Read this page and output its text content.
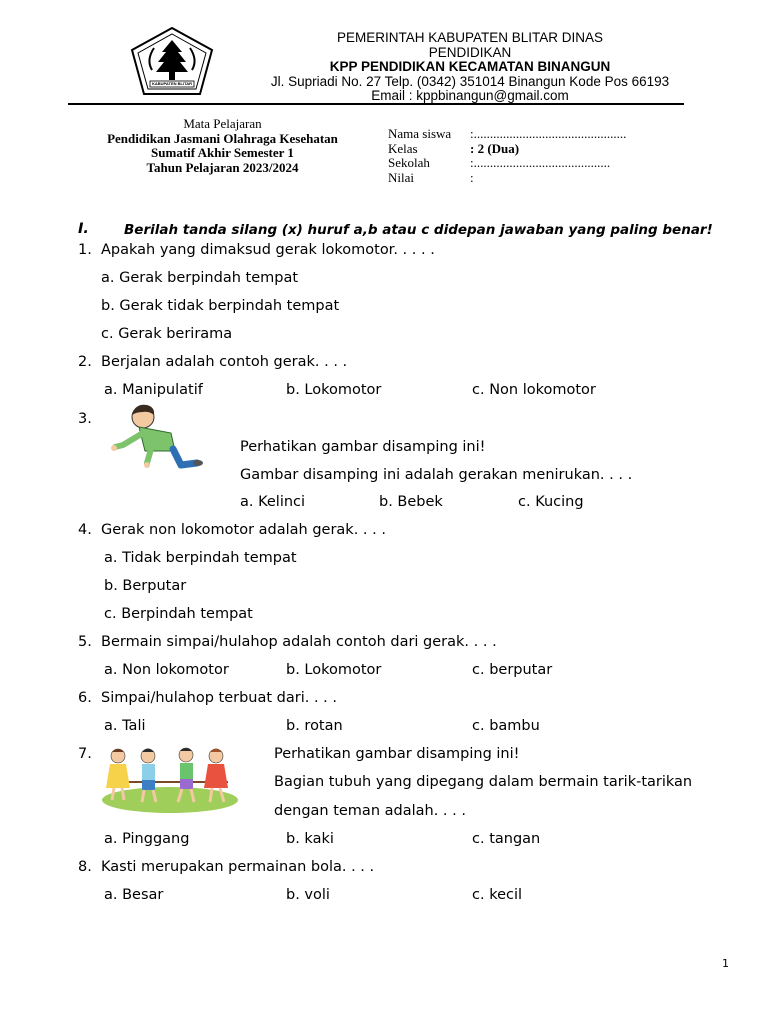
KABUPATEN BLITAR
PEMERINTAH KABUPATEN BLITAR DINAS
PENDIDIKAN
KPP PENDIDIKAN KECAMATAN BINANGUN
Jl. Supriadi No. 27 Telp. (0342) 351014 Binangun Kode Pos 66193
Email : kppbinangun@gmail.com
Mata Pelajaran
Pendidikan Jasmani Olahraga Kesehatan
Sumatif Akhir Semester 1
Tahun Pelajaran 2023/2024
Nama siswa :...............................................
Kelas	: 2 (Dua)
Sekolah	:..........................................
Nilai	:
I.	Berilah tanda silang (x) huruf a,b atau c didepan jawaban yang paling benar!
1. Apakah yang dimaksud gerak lokomotor. . . . .
a. Gerak berpindah tempat
b. Gerak tidak berpindah tempat
c. Gerak berirama
2. Berjalan adalah contoh gerak. . . .
a. Manipulatif	b. Lokomotor	c. Non lokomotor
3.
Perhatikan gambar disamping ini!
Gambar disamping ini adalah gerakan menirukan. . . .
a. Kelinci	b. Bebek	c. Kucing
4. Gerak non lokomotor adalah gerak. . . .
a. Tidak berpindah tempat
b. Berputar
c. Berpindah tempat
5. Bermain simpai/hulahop adalah contoh dari gerak. . . .
a. Non lokomotor	b. Lokomotor	c. berputar
6. Simpai/hulahop terbuat dari. . . .
a. Tali	b. rotan	c. bambu
7.	Perhatikan gambar disamping ini!
Bagian tubuh yang dipegang dalam bermain tarik-tarikan
dengan teman adalah. . . .
a. Pinggang	b. kaki	c. tangan
8. Kasti merupakan permainan bola. . . .
a. Besar	b. voli	c. kecil
1
